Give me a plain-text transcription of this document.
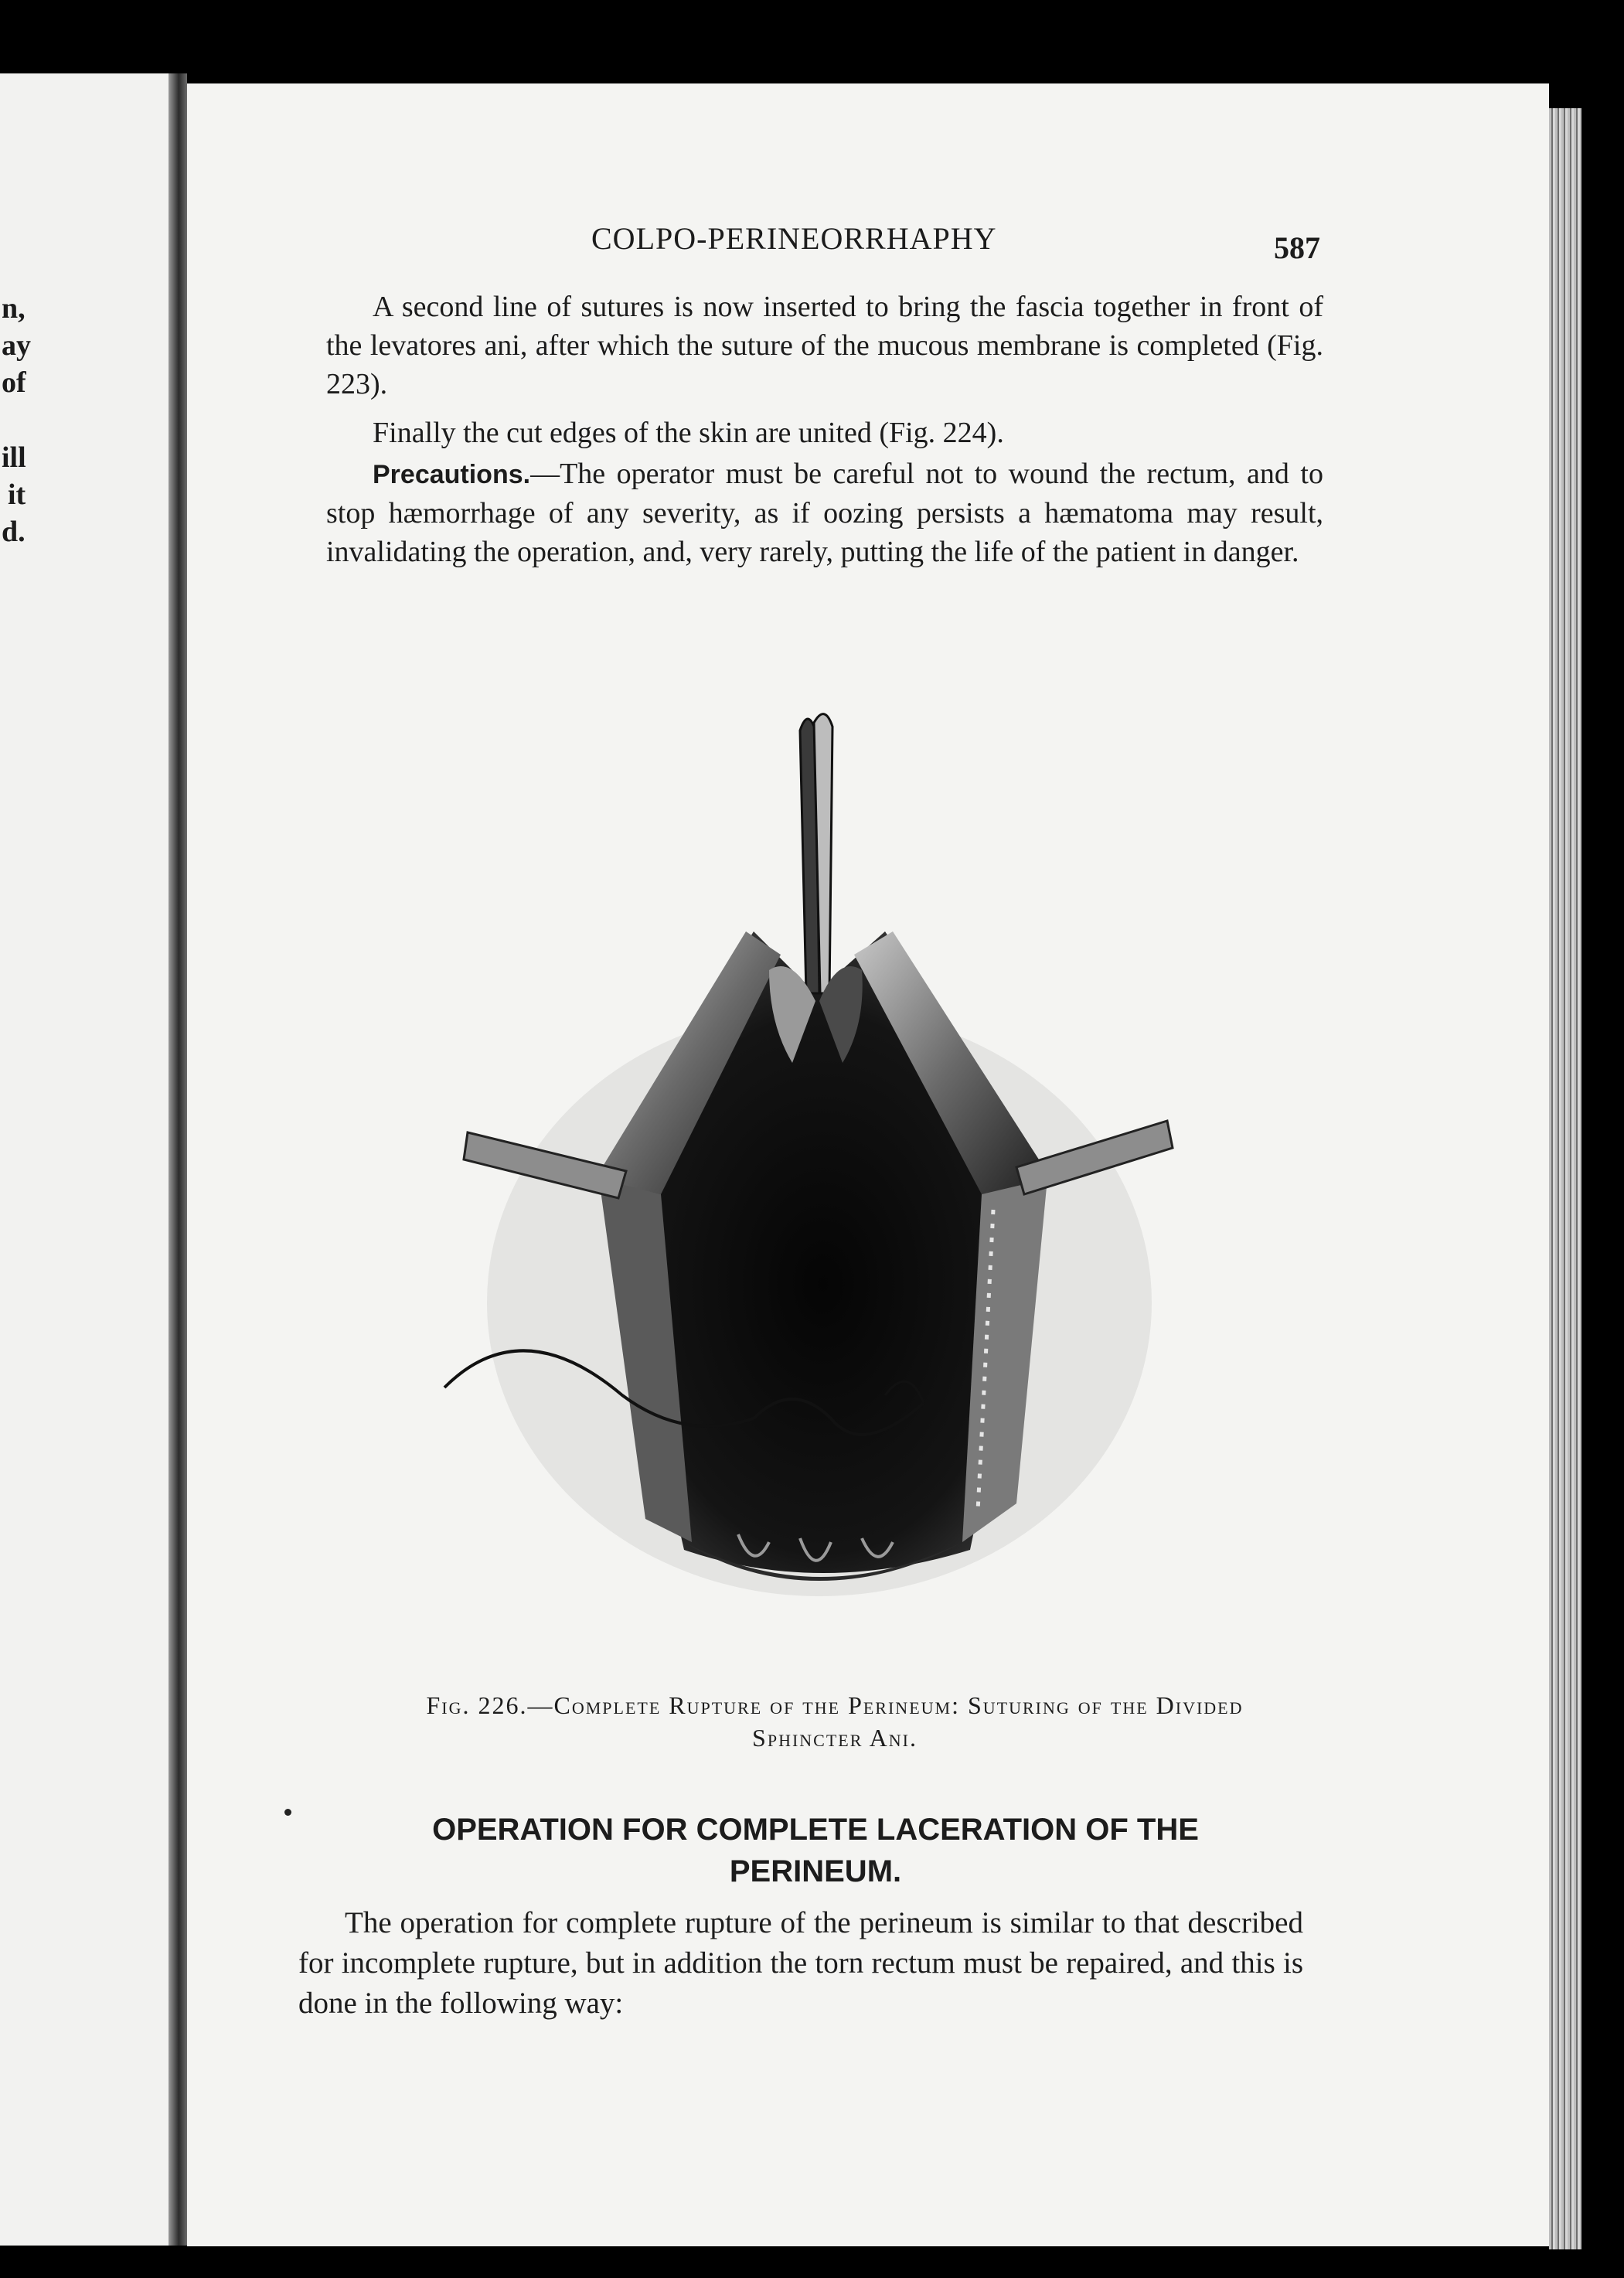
n,
ay
of
ill
it
d.
COLPO-PERINEORRHAPHY	587

A second line of sutures is now inserted to bring the fascia together in front of the levatores ani, after which the suture of the mucous membrane is completed (Fig. 223).

Finally the cut edges of the skin are united (Fig. 224).

Precautions.—The operator must be careful not to wound the rectum, and to stop hæmorrhage of any severity, as if oozing persists a hæmatoma may result, invalidating the operation, and, very rarely, putting the life of the patient in danger.

Fig. 226.—Complete Rupture of the Perineum: Suturing of the Divided
Sphincter Ani.
OPERATION FOR COMPLETE LACERATION OF THE
PERINEUM.

The operation for complete rupture of the perineum is similar to that described for incomplete rupture, but in addition the torn rectum must be repaired, and this is done in the following way:
